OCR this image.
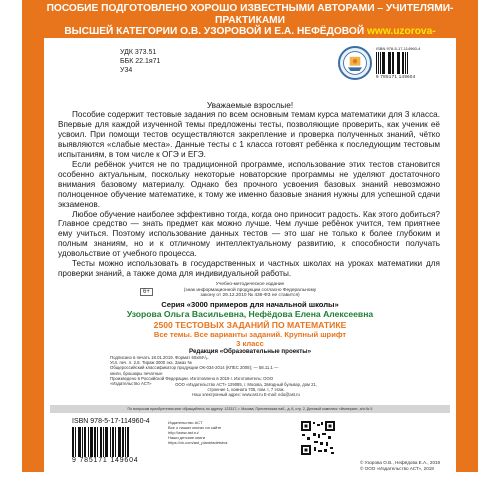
ПОСОБИЕ ПОДГОТОВЛЕНО ХОРОШО ИЗВЕСТНЫМИ АВТОРАМИ – УЧИТЕЛЯМИ-ПРАКТИКАМИ
ВЫСШЕЙ КАТЕГОРИИ О.В. УЗОРОВОЙ И Е.А. НЕФЁДОВОЙ www.uzorova-
УДК 373.51
ББК 22.1я71
У34
ISBN 978-5-17-114960-4
9 785171 149604
Уважаемые взрослые!

Пособие содержит тестовые задания по всем основным темам курса математики для 3 класса. Впервые для каждой изученной темы предложены тесты, позволяющие проверить, как ученик её усвоил. При помощи тестов осуществляются закрепление и проверка полученных знаний, чётко выявляются «слабые места». Данные тесты с 1 класса готовят ребёнка к последующим тестовым испытаниям, в том числе к ОГЭ и ЕГЭ.

Если ребёнок учится не по традиционной программе, использование этих тестов становится особенно актуальным, поскольку некоторые новаторские программы не уделяют достаточного внимания базовому материалу. Однако без прочного усвоения базовых знаний невозможно полноценное обучение математике, к тому же именно базовые знания нужны для успешной сдачи экзаменов.

Любое обучение наиболее эффективно тогда, когда оно приносит радость. Как этого добиться? Главное средство — знать предмет как можно лучше. Чем лучше ребёнок учится, тем приятнее ему учиться. Поэтому использование данных тестов — это шаг не только к более глубоким и полным знаниям, но и к отличному интеллектуальному развитию, к способности получать удовольствие от учебного процесса.

Тесты можно использовать в государственных и частных школах на уроках математики для проверки знаний, а также дома для индивидуальной работы.

6+
Учебно-методическое издание
(знак информационной продукции согласно Федеральному
закону от 29.12.2010 № 436-ФЗ не ставится)
Серия «3000 примеров для начальной школы»
Узорова Ольга Васильевна, Нефёдова Елена Алексеевна
2500 ТЕСТОВЫХ ЗАДАНИЙ ПО МАТЕМАТИКЕ
Все темы. Все варианты заданий. Крупный шрифт
3 класс
Редакция «Образовательные проекты»
Подписано в печать 18.01.2019. Формат 60х84¹/₈.
Усл. печ. л. 2,8. Тираж 3000 экз. Заказ №
Общероссийский классификатор продукции ОК-034-2014 (КПЕС 2008); — 58.11.1 — книги, брошюры печатные
Произведено в Российской Федерации. Изготовлено в 2019 г. Изготовитель: ООО «Издательство АСТ»	ООО «Издательство АСТ» 129085, г. Москва, Звёздный бульвар, дом 21,
строение 1, комната 705, пом. I, 7 этаж.
Наш электронный адрес: www.ast.ru E-mail: edu@ast.ru
По вопросам приобретения книг обращайтесь по адресу: 123317, г. Москва, Пресненская наб., д. 6, стр. 2, Деловой комплекс «Империя», а/я № 5
ISBN 978-5-17-114960-4
9 785171 149604
Издательство АСТ
Все о наших книгах на сайте
http://www.ast.ru/
Наши детские книги
https://vk.com/ast_planetadetstva
© Узорова О.В., Нефёдова Е.А., 2019
© ООО «Издательство АСТ», 2019
